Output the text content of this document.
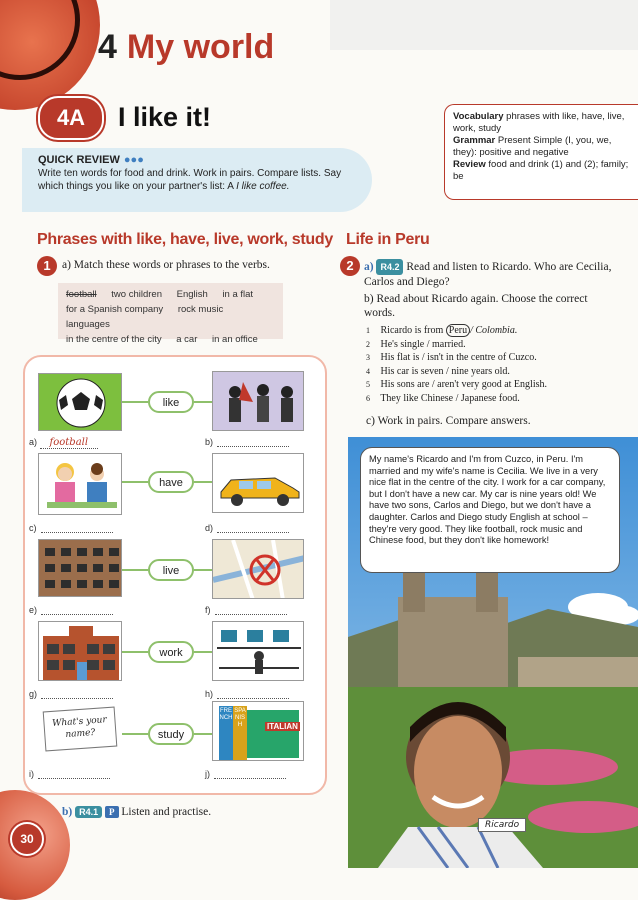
4 My world
4A	I like it!
QUICK REVIEW ●●●
Write ten words for food and drink. Work in pairs. Compare lists. Say which things you like on your partner's list: A I like coffee.
Vocabulary phrases with like, have, live, work, study
Grammar Present Simple (I, you, we, they): positive and negative
Review food and drink (1) and (2); family; be
Phrases with like, have, live, work, study
1 a) Match these words or phrases to the verbs.
football two children English in a flat
for a Spanish company rock music languages
in the centre of the city a car in an office
like
a) football	b)
have
c)	d)
live
e)	f)
work
g)	h)
What's your name?	study
ITALIAN
FRENCH
SPANISH
i)	j)
b) R4.1 P Listen and practise.
30
Life in Peru
2 a) R4.2 Read and listen to Ricardo. Who are Cecilia, Carlos and Diego?
b) Read about Ricardo again. Choose the correct words.
1 Ricardo is from Peru / Colombia.
2 He's single / married.
3 His flat is / isn't in the centre of Cuzco.
4 His car is seven / nine years old.
5 His sons are / aren't very good at English.
6 They like Chinese / Japanese food.
c) Work in pairs. Compare answers.
My name's Ricardo and I'm from Cuzco, in Peru. I'm married and my wife's name is Cecilia. We live in a very nice flat in the centre of the city. I work for a car company, but I don't have a new car. My car is nine years old! We have two sons, Carlos and Diego, but we don't have a daughter. Carlos and Diego study English at school – they're very good. They like football, rock music and Chinese food, but they don't like homework!
Ricardo
